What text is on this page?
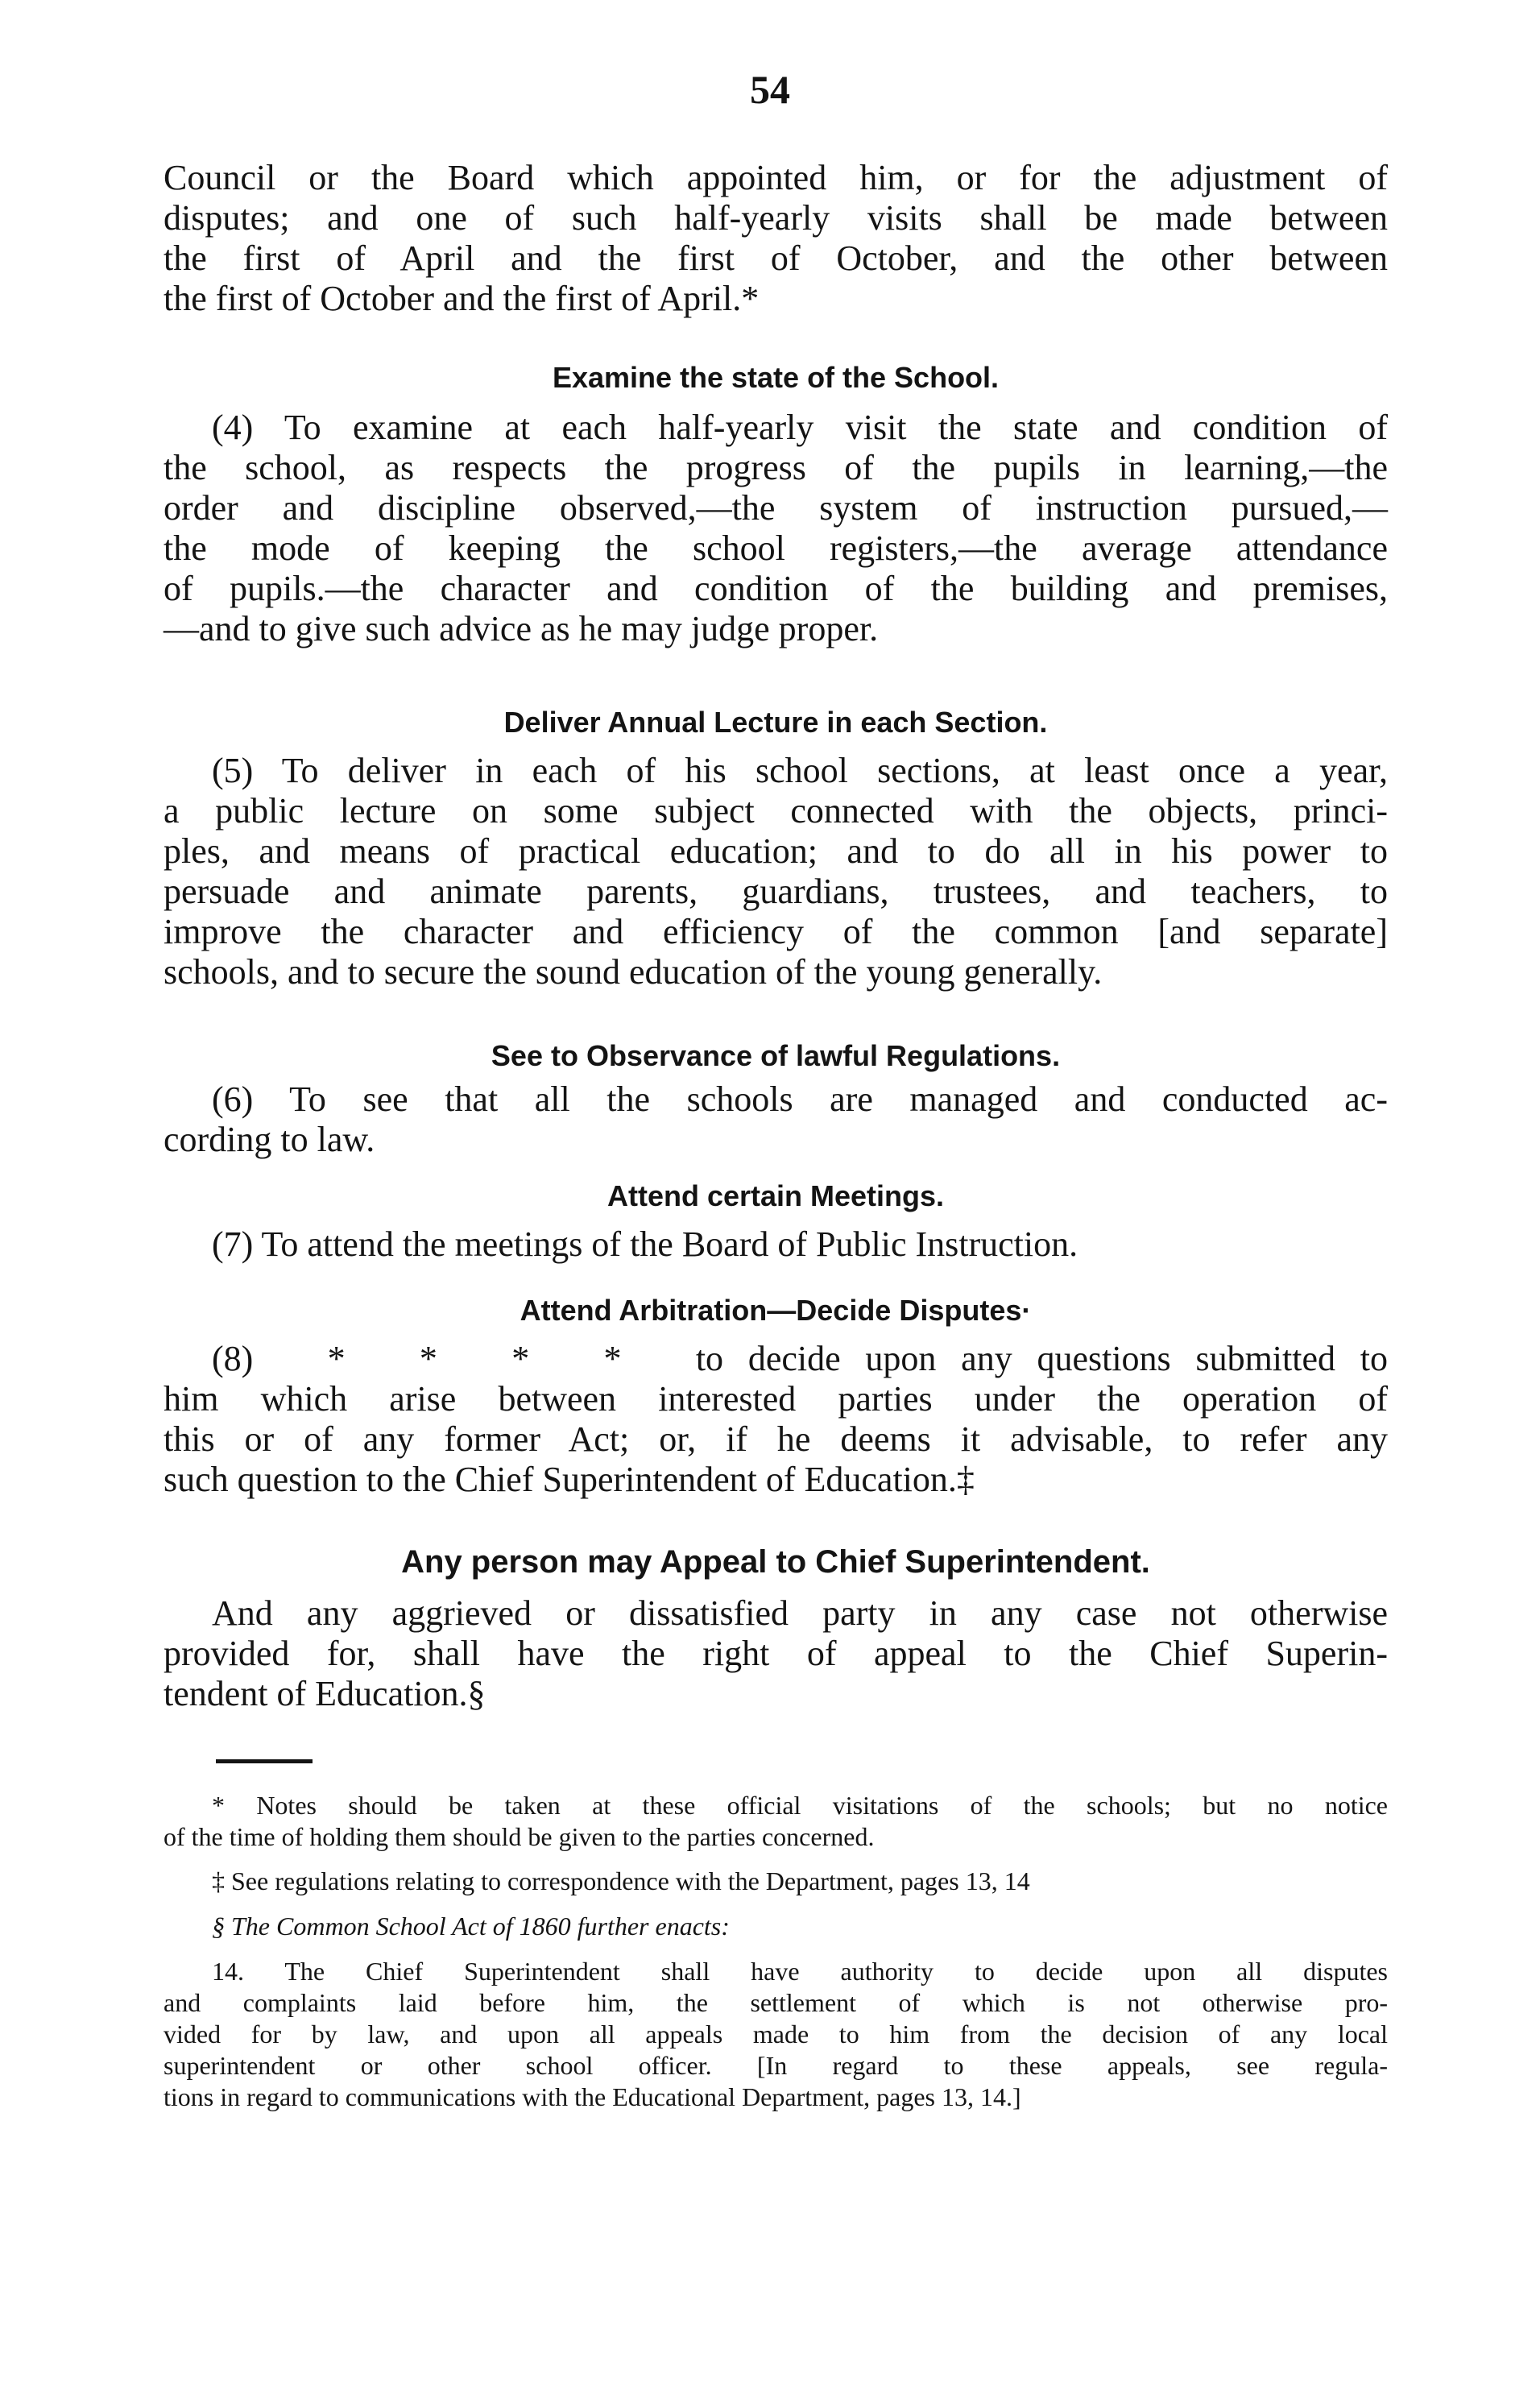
54
Council or the Board which appointed him, or for the adjustment of
disputes; and one of such half-yearly visits shall be made between
the first of April and the first of October, and the other between
the first of October and the first of April.*
Examine the state of the School.
(4) To examine at each half-yearly visit the state and condition of
the school, as respects the progress of the pupils in learning,—the
order and discipline observed,—the system of instruction pursued,—
the mode of keeping the school registers,—the average attendance
of pupils.—the character and condition of the building and premises,
—and to give such advice as he may judge proper.
Deliver Annual Lecture in each Section.
(5) To deliver in each of his school sections, at least once a year,
a public lecture on some subject connected with the objects, princi-
ples, and means of practical education; and to do all in his power to
persuade and animate parents, guardians, trustees, and teachers, to
improve the character and efficiency of the common [and separate]
schools, and to secure the sound education of the young generally.
See to Observance of lawful Regulations.
(6) To see that all the schools are managed and conducted ac-
cording to law.
Attend certain Meetings.
(7) To attend the meetings of the Board of Public Instruction.
Attend Arbitration—Decide Disputes·
(8)   *   *   *   *   to decide upon any questions submitted to
him which arise between interested parties under the operation of
this or of any former Act; or, if he deems it advisable, to refer any
such question to the Chief Superintendent of Education.‡
Any person may Appeal to Chief Superintendent.
And any aggrieved or dissatisfied party in any case not otherwise
provided for, shall have the right of appeal to the Chief Superin-
tendent of Education.§
* Notes should be taken at these official visitations of the schools; but no notice
of the time of holding them should be given to the parties concerned.
‡ See regulations relating to correspondence with the Department, pages 13, 14
§ The Common School Act of 1860 further enacts:
14. The Chief Superintendent shall have authority to decide upon all disputes
and complaints laid before him, the settlement of which is not otherwise pro-
vided for by law, and upon all appeals made to him from the decision of any local
superintendent or other school officer. [In regard to these appeals, see regula-
tions in regard to communications with the Educational Department, pages 13, 14.]
